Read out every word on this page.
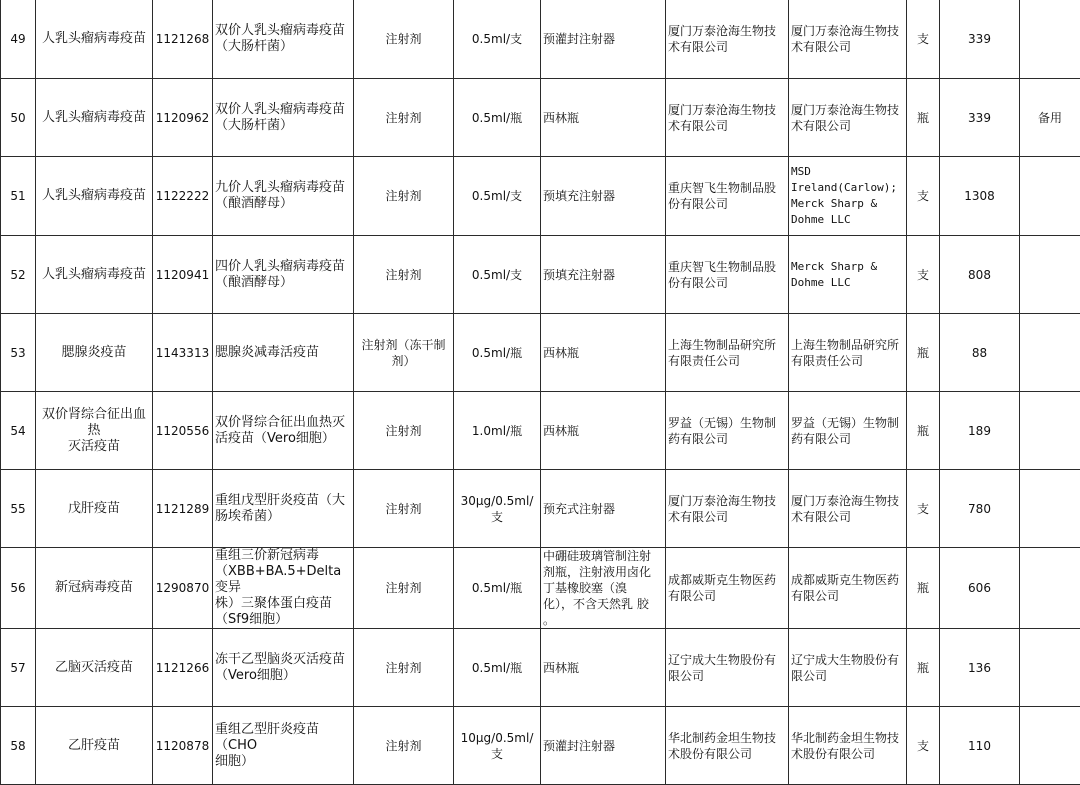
49	人乳头瘤病毒疫苗	1121268	双价人乳头瘤病毒疫苗
（大肠杆菌）	注射剂	0.5ml/支	预灌封注射器	厦门万泰沧海生物技
术有限公司	厦门万泰沧海生物技
术有限公司	支	339	
50	人乳头瘤病毒疫苗	1120962	双价人乳头瘤病毒疫苗
（大肠杆菌）	注射剂	0.5ml/瓶	西林瓶	厦门万泰沧海生物技
术有限公司	厦门万泰沧海生物技
术有限公司	瓶	339	备用
51	人乳头瘤病毒疫苗	1122222	九价人乳头瘤病毒疫苗
（酿酒酵母）	注射剂	0.5ml/支	预填充注射器	重庆智飞生物制品股
份有限公司	MSD
Ireland(Carlow);
Merck Sharp &
Dohme LLC	支	1308	
52	人乳头瘤病毒疫苗	1120941	四价人乳头瘤病毒疫苗
（酿酒酵母）	注射剂	0.5ml/支	预填充注射器	重庆智飞生物制品股
份有限公司	Merck Sharp &
Dohme LLC	支	808	
53	腮腺炎疫苗	1143313	腮腺炎减毒活疫苗	注射剂（冻干制
剂）	0.5ml/瓶	西林瓶	上海生物制品研究所
有限责任公司	上海生物制品研究所
有限责任公司	瓶	88	
54	双价肾综合征出血热
灭活疫苗	1120556	双价肾综合征出血热灭
活疫苗（Vero细胞）	注射剂	1.0ml/瓶	西林瓶	罗益（无锡）生物制
药有限公司	罗益（无锡）生物制
药有限公司	瓶	189	
55	戊肝疫苗	1121289	重组戊型肝炎疫苗（大
肠埃希菌）	注射剂	30μg/0.5ml/
支	预充式注射器	厦门万泰沧海生物技
术有限公司	厦门万泰沧海生物技
术有限公司	支	780	
56	新冠病毒疫苗	1290870	重组三价新冠病毒
（XBB+BA.5+Delta变异
株）三聚体蛋白疫苗
（Sf9细胞）	注射剂	0.5ml/瓶	中硼硅玻璃管制注射
剂瓶，注射液用卤化
丁基橡胶塞（溴
化），不含天然乳 胶
。	成都威斯克生物医药
有限公司	成都威斯克生物医药
有限公司	瓶	606	
57	乙脑灭活疫苗	1121266	冻干乙型脑炎灭活疫苗
（Vero细胞）	注射剂	0.5ml/瓶	西林瓶	辽宁成大生物股份有
限公司	辽宁成大生物股份有
限公司	瓶	136	
58	乙肝疫苗	1120878	重组乙型肝炎疫苗（CHO
细胞）	注射剂	10μg/0.5ml/
支	预灌封注射器	华北制药金坦生物技
术股份有限公司	华北制药金坦生物技
术股份有限公司	支	110	
